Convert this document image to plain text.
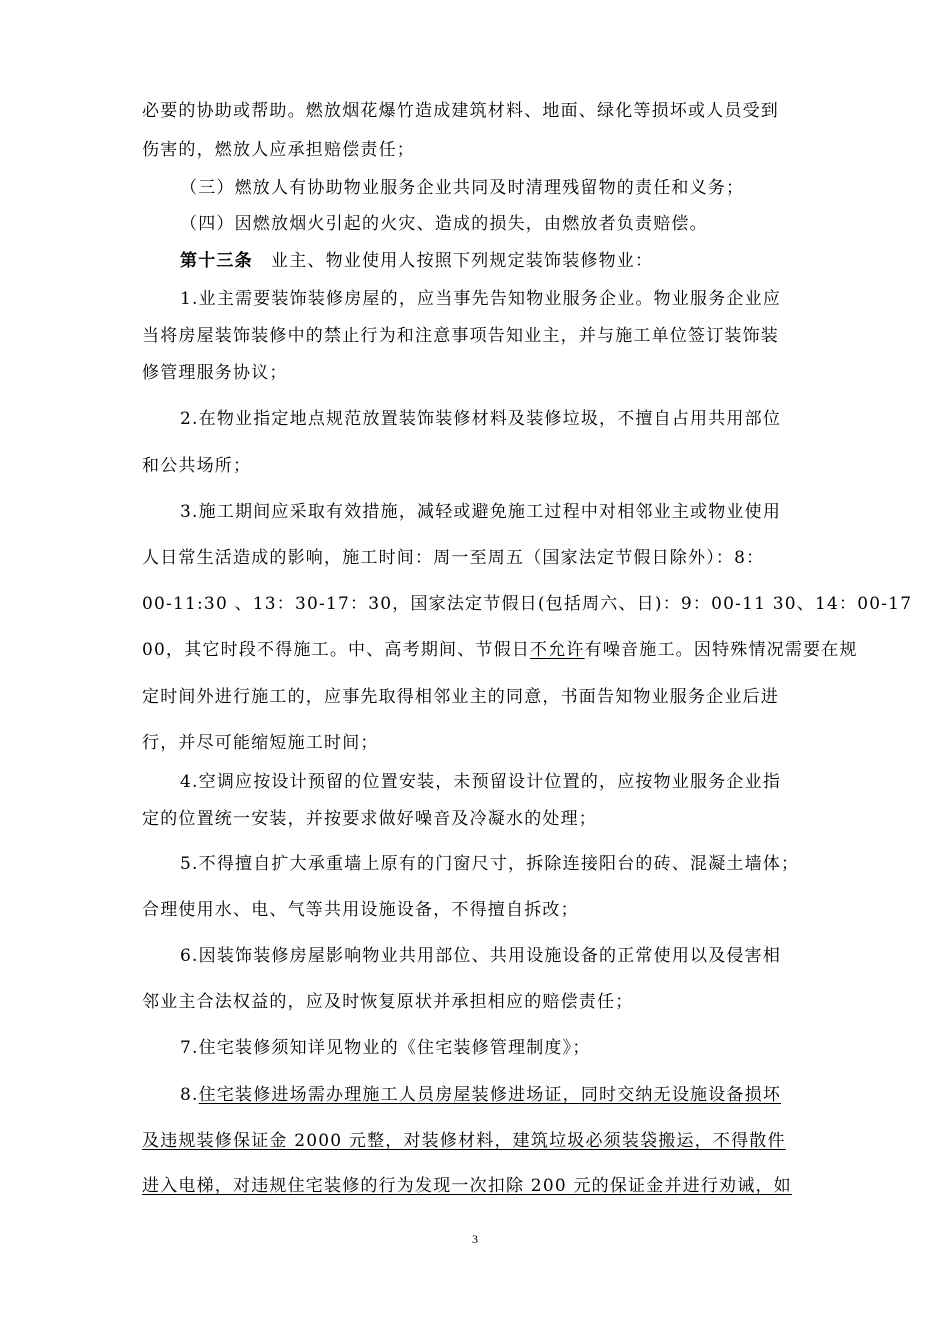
必要的协助或帮助。燃放烟花爆竹造成建筑材料、地面、绿化等损坏或人员受到
伤害的，燃放人应承担赔偿责任；
（三）燃放人有协助物业服务企业共同及时清理残留物的责任和义务；
（四）因燃放烟火引起的火灾、造成的损失，由燃放者负责赔偿。
第十三条　业主、物业使用人按照下列规定装饰装修物业：
1.业主需要装饰装修房屋的，应当事先告知物业服务企业。物业服务企业应
当将房屋装饰装修中的禁止行为和注意事项告知业主，并与施工单位签订装饰装
修管理服务协议；
2.在物业指定地点规范放置装饰装修材料及装修垃圾，不擅自占用共用部位
和公共场所；
3.施工期间应采取有效措施，减轻或避免施工过程中对相邻业主或物业使用
人日常生活造成的影响，施工时间：周一至周五（国家法定节假日除外）：8：
00-11:30 、13：30-17：30，国家法定节假日(包括周六、日)：9：00-11 30、14：00-17
00，其它时段不得施工。中、高考期间、节假日不允许有噪音施工。因特殊情况需要在规
定时间外进行施工的，应事先取得相邻业主的同意，书面告知物业服务企业后进
行，并尽可能缩短施工时间；
4.空调应按设计预留的位置安装，未预留设计位置的，应按物业服务企业指
定的位置统一安装，并按要求做好噪音及冷凝水的处理；
5.不得擅自扩大承重墙上原有的门窗尺寸，拆除连接阳台的砖、混凝土墙体；
合理使用水、电、气等共用设施设备，不得擅自拆改；
6.因装饰装修房屋影响物业共用部位、共用设施设备的正常使用以及侵害相
邻业主合法权益的，应及时恢复原状并承担相应的赔偿责任；
7.住宅装修须知详见物业的《住宅装修管理制度》；
8.住宅装修进场需办理施工人员房屋装修进场证，同时交纳无设施设备损坏
及违规装修保证金 2000 元整，对装修材料，建筑垃圾必须装袋搬运，不得散件
进入电梯，对违规住宅装修的行为发现一次扣除 200 元的保证金并进行劝诫，如
3
